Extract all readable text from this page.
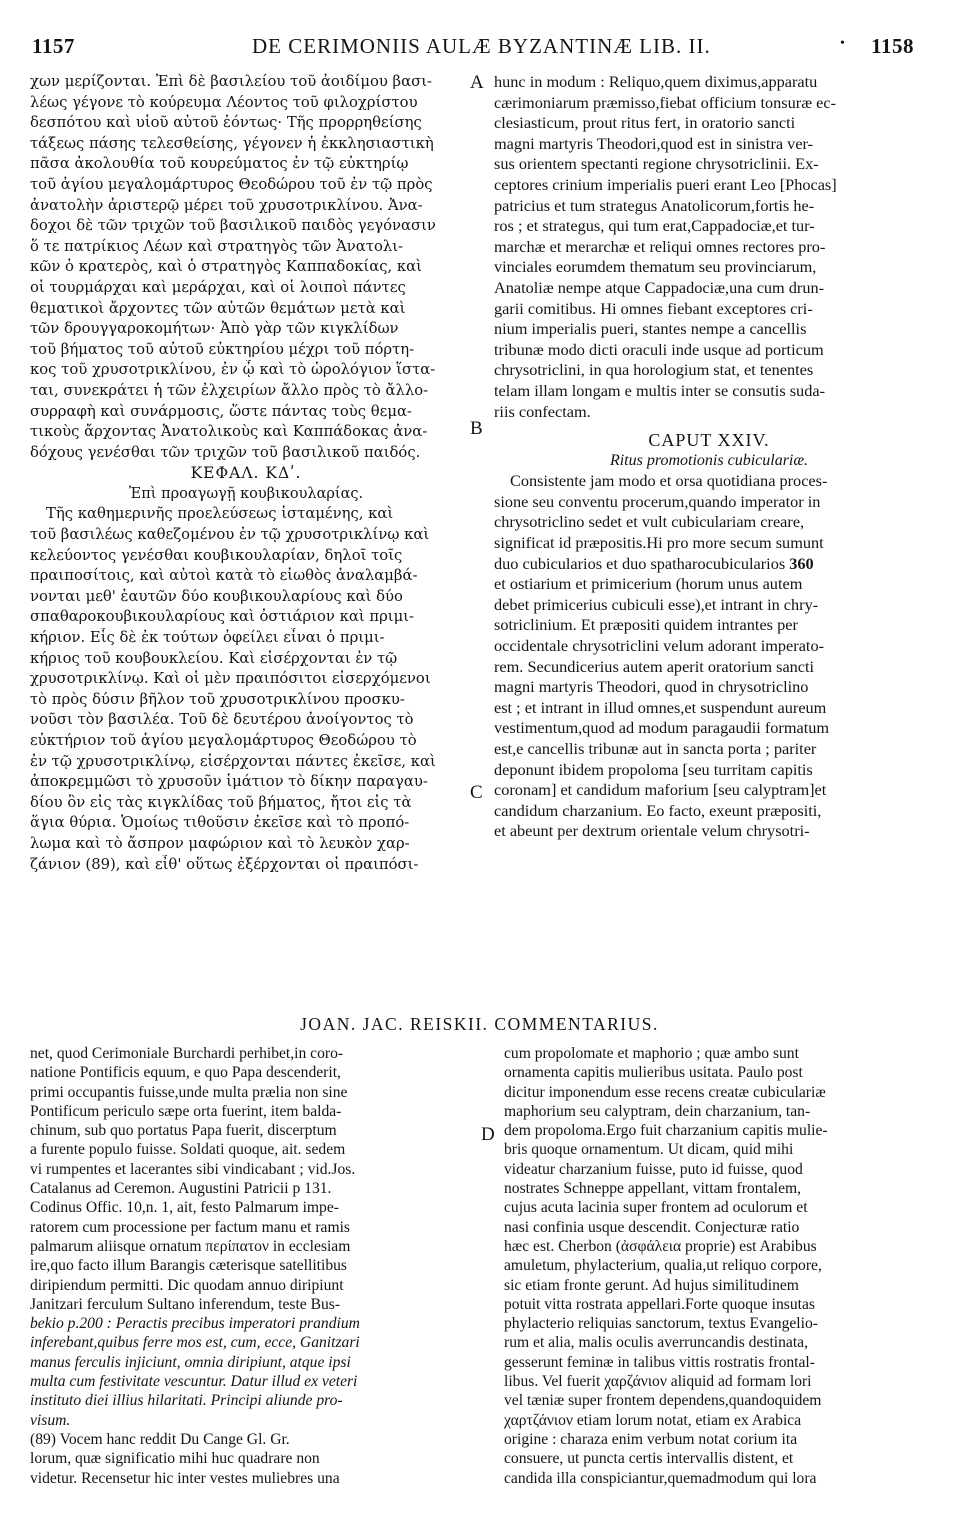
1157	DE CERIMONIIS AULÆ BYZANTINÆ LIB. II.	• 1158
χων μερίζονται. Ἐπὶ δὲ βασιλείου τοῦ ἀοιδίμου βασι-
λέως γέγονε τὸ κούρευμα Λέοντος τοῦ φιλοχρίστου
δεσπότου καὶ υἱοῦ αὐτοῦ ἐόντως· Τῆς προρρηθείσης
τάξεως πάσης τελεσθείσης, γέγονεν ἡ ἐκκλησιαστικὴ
πᾶσα ἀκολουθία τοῦ κουρεύματος ἐν τῷ εὐκτηρίῳ
τοῦ ἁγίου μεγαλομάρτυρος Θεοδώρου τοῦ ἐν τῷ πρὸς
ἀνατολὴν ἀριστερῷ μέρει τοῦ χρυσοτρικλίνου. Ἀνα-
δοχοι δὲ τῶν τριχῶν τοῦ βασιλικοῦ παιδὸς γεγόνασιν
ὅ τε πατρίκιος Λέων καὶ στρατηγὸς τῶν Ἀνατολι-
κῶν ὁ κρατερὸς, καὶ ὁ στρατηγὸς Καππαδοκίας, καὶ
οἱ τουρμάρχαι καὶ μεράρχαι, καὶ οἱ λοιποὶ πάντες
θεματικοὶ ἄρχοντες τῶν αὐτῶν θεμάτων μετὰ καὶ
τῶν δρουγγαροκομήτων· Ἀπὸ γὰρ τῶν κιγκλίδων
τοῦ βήματος τοῦ αὐτοῦ εὐκτηρίου μέχρι τοῦ πόρτη-
κος τοῦ χρυσοτρικλίνου, ἐν ᾧ καὶ τὸ ὡρολόγιον ἵστα-
ται, συνεκράτει ἡ τῶν ἐλχειρίων ἄλλο πρὸς τὸ ἄλλο-
συρραφὴ καὶ συνάρμοσις, ὥστε πάντας τοὺς θεμα-
τικοὺς ἄρχοντας Ἀνατολικοὺς καὶ Καππάδοκας ἀνα-
δόχους γενέσθαι τῶν τριχῶν τοῦ βασιλικοῦ παιδός.
ΚΕΦΑΛ. ΚΔʹ.
Ἐπὶ προαγωγῇ κουβικουλαρίας.
Τῆς καθημερινῆς προελεύσεως ἱσταμένης, καὶ
τοῦ βασιλέως καθεζομένου ἐν τῷ χρυσοτρικλίνῳ καὶ
κελεύοντος γενέσθαι κουβικουλαρίαν, δηλοῖ τοῖς
πραιποσίτοις, καὶ αὐτοὶ κατὰ τὸ εἰωθὸς ἀναλαμβά-
νονται μεθ' ἑαυτῶν δύο κουβικουλαρίους καὶ δύο
σπαθαροκουβικουλαρίους καὶ ὀστιάριον καὶ πριμι-
κήριον. Εἷς δὲ ἐκ τούτων ὀφείλει εἶναι ὁ πριμι-
κήριος τοῦ κουβουκλείου. Καὶ εἰσέρχονται ἐν τῷ
χρυσοτρικλίνῳ. Καὶ οἱ μὲν πραιπόσιτοι εἰσερχόμενοι
τὸ πρὸς δύσιν βῆλον τοῦ χρυσοτρικλίνου προσκυ-
νοῦσι τὸν βασιλέα. Τοῦ δὲ δευτέρου ἀνοίγοντος τὸ
εὐκτήριον τοῦ ἁγίου μεγαλομάρτυρος Θεοδώρου τὸ
ἐν τῷ χρυσοτρικλίνῳ, εἰσέρχονται πάντες ἐκεῖσε, καὶ
ἀποκρεμμῶσι τὸ χρυσοῦν ἱμάτιον τὸ δίκην παραγαυ-
δίου ὃν εἰς τὰς κιγκλίδας τοῦ βήματος, ἤτοι εἰς τὰ
ἅγια θύρια. Ὁμοίως τιθοῦσιν ἐκεῖσε καὶ τὸ προπό-
λωμα καὶ τὸ ἄσπρον μαφώριον καὶ τὸ λευκὸν χαρ-
ζάνιον (89), καὶ εἶθ' οὕτως ἐξέρχονται οἱ πραιπόσι-
A
B
C
D
hunc in modum : Reliquo,quem diximus,apparatu
cærimoniarum præmisso,fiebat officium tonsuræ ec-
clesiasticum, prout ritus fert, in oratorio sancti
magni martyris Theodori,quod est in sinistra ver-
sus orientem spectanti regione chrysotriclinii. Ex-
ceptores crinium imperialis pueri erant Leo [Phocas]
patricius et tum strategus Anatolicorum,fortis he-
ros ; et strategus, qui tum erat,Cappadociæ,et tur-
marchæ et merarchæ et reliqui omnes rectores pro-
vinciales eorumdem thematum seu provinciarum,
Anatoliæ nempe atque Cappadociæ,una cum drun-
garii comitibus. Hi omnes fiebant exceptores cri-
nium imperialis pueri, stantes nempe a cancellis
tribunæ modo dicti oraculi inde usque ad porticum
chrysotriclini, in qua horologium stat, et tenentes
telam illam longam e multis inter se consutis suda-
riis confectam.
CAPUT XXIV.
Ritus promotionis cubiculariæ.
Consistente jam modo et orsa quotidiana proces-
sione seu conventu procerum,quando imperator in
chrysotriclino sedet et vult cubiculariam creare,
significat id præpositis.Hi pro more secum sumunt
duo cubicularios et duo spatharocubicularios 360
et ostiarium et primicerium (horum unus autem
debet primicerius cubiculi esse),et intrant in chry-
sotriclinium. Et præpositi quidem intrantes per
occidentale chrysotriclini velum adorant imperato-
rem. Secundicerius autem aperit oratorium sancti
magni martyris Theodori, quod in chrysotriclino
est ; et intrant in illud omnes,et suspendunt aureum
vestimentum,quod ad modum paragaudii formatum
est,e cancellis tribunæ aut in sancta porta ; pariter
deponunt ibidem propoloma [seu turritam capitis
coronam] et candidum maforium [seu calyptram]et
candidum charzanium. Eo facto, exeunt præpositi,
et abeunt per dextrum orientale velum chrysotri-
JOAN. JAC. REISKII. COMMENTARIUS.
net, quod Cerimoniale Burchardi perhibet,in coro-
natione Pontificis equum, e quo Papa descenderit,
primi occupantis fuisse,unde multa prælia non sine
Pontificum periculo sæpe orta fuerint, item balda-
chinum, sub quo portatus Papa fuerit, discerptum
a furente populo fuisse. Soldati quoque, ait. sedem
vi rumpentes et lacerantes sibi vindicabant ; vid.Jos.
Catalanus ad Ceremon. Augustini Patricii p 131.
Codinus Offic. 10,n. 1, ait, festo Palmarum impe-
ratorem cum processione per factum manu et ramis
palmarum aliisque ornatum περίπατον in ecclesiam
ire,quo facto illum Barangis cæterisque satellitibus
diripiendum permitti. Dic quodam annuo diripiunt
Janitzari ferculum Sultano inferendum, teste Bus-
bekio p.200 : Peractis precibus imperatori prandium
inferebant,quibus ferre mos est, cum, ecce, Ganitzari
manus ferculis injiciunt, omnia diripiunt, atque ipsi
multa cum festivitate vescuntur. Datur illud ex veteri
instituto diei illius hilaritati. Principi aliunde pro-
visum.
(89) Vocem hanc reddit Du Cange Gl. Gr.
lorum, quæ significatio mihi huc quadrare non
videtur. Recensetur hic inter vestes muliebres una
cum propolomate et maphorio ; quæ ambo sunt
ornamenta capitis mulieribus usitata. Paulo post
dicitur imponendum esse recens creatæ cubiculariæ
maphorium seu calyptram, dein charzanium, tan-
dem propoloma.Ergo fuit charzanium capitis mulie-
bris quoque ornamentum. Ut dicam, quid mihi
videatur charzanium fuisse, puto id fuisse, quod
nostrates Schneppe appellant, vittam frontalem,
cujus acuta lacinia super frontem ad oculorum et
nasi confinia usque descendit. Conjecturæ ratio
hæc est. Cherbon (ἀσφάλεια proprie) est Arabibus
amuletum, phylacterium, qualia,ut reliquo corpore,
sic etiam fronte gerunt. Ad hujus similitudinem
potuit vitta rostrata appellari.Forte quoque insutas
phylacterio reliquias sanctorum, textus Evangelio-
rum et alia, malis oculis averruncandis destinata,
gesserunt feminæ in talibus vittis rostratis frontal-
libus. Vel fuerit χαρζάνιον aliquid ad formam lori
vel tæniæ super frontem dependens,quandoquidem
χαρτζάνιον etiam lorum notat, etiam ex Arabica
origine : charaza enim verbum notat corium ita
consuere, ut puncta certis intervallis distent, et
candida illa conspiciantur,quemadmodum qui lora
